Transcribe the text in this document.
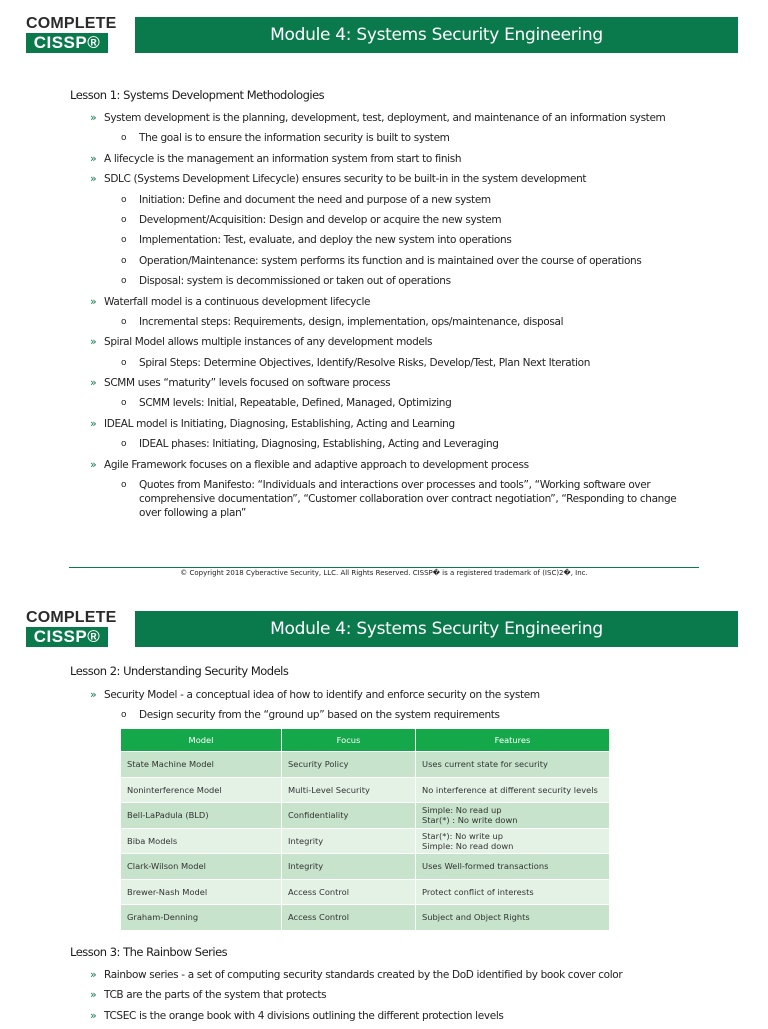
COMPLETE
CISSP®	Module 4: Systems Security Engineering
Lesson 1: Systems Development Methodologies
» System development is the planning, development, test, deployment, and maintenance of an information system
o The goal is to ensure the information security is built to system
» A lifecycle is the management an information system from start to finish
» SDLC (Systems Development Lifecycle) ensures security to be built-in in the system development
o Initiation: Define and document the need and purpose of a new system
o Development/Acquisition: Design and develop or acquire the new system
o Implementation: Test, evaluate, and deploy the new system into operations
o Operation/Maintenance: system performs its function and is maintained over the course of operations
o Disposal: system is decommissioned or taken out of operations
» Waterfall model is a continuous development lifecycle
o Incremental steps: Requirements, design, implementation, ops/maintenance, disposal
» Spiral Model allows multiple instances of any development models
o Spiral Steps: Determine Objectives, Identify/Resolve Risks, Develop/Test, Plan Next Iteration
» SCMM uses “maturity” levels focused on software process
o SCMM levels: Initial, Repeatable, Defined, Managed, Optimizing
» IDEAL model is Initiating, Diagnosing, Establishing, Acting and Learning
o IDEAL phases: Initiating, Diagnosing, Establishing, Acting and Leveraging
» Agile Framework focuses on a flexible and adaptive approach to development process
o Quotes from Manifesto: “Individuals and interactions over processes and tools”, “Working software over comprehensive documentation”, “Customer collaboration over contract negotiation”, “Responding to change over following a plan”
© Copyright 2018 Cyberactive Security, LLC. All Rights Reserved. CISSP� is a registered trademark of (ISC)2�, Inc.
COMPLETE
CISSP®	Module 4: Systems Security Engineering
Lesson 2: Understanding Security Models
» Security Model - a conceptual idea of how to identify and enforce security on the system
o Design security from the “ground up” based on the system requirements
Model	Focus	Features
State Machine Model	Security Policy	Uses current state for security
Noninterference Model	Multi-Level Security	No interference at different security levels
Bell-LaPadula (BLD)	Confidentiality	Simple: No read up
Star(*) : No write down
Biba Models	Integrity	Star(*): No write up
Simple: No read down
Clark-Wilson Model	Integrity	Uses Well-formed transactions
Brewer-Nash Model	Access Control	Protect conflict of interests
Graham-Denning	Access Control	Subject and Object Rights
Lesson 3: The Rainbow Series
» Rainbow series - a set of computing security standards created by the DoD identified by book cover color
» TCB are the parts of the system that protects
» TCSEC is the orange book with 4 divisions outlining the different protection levels
